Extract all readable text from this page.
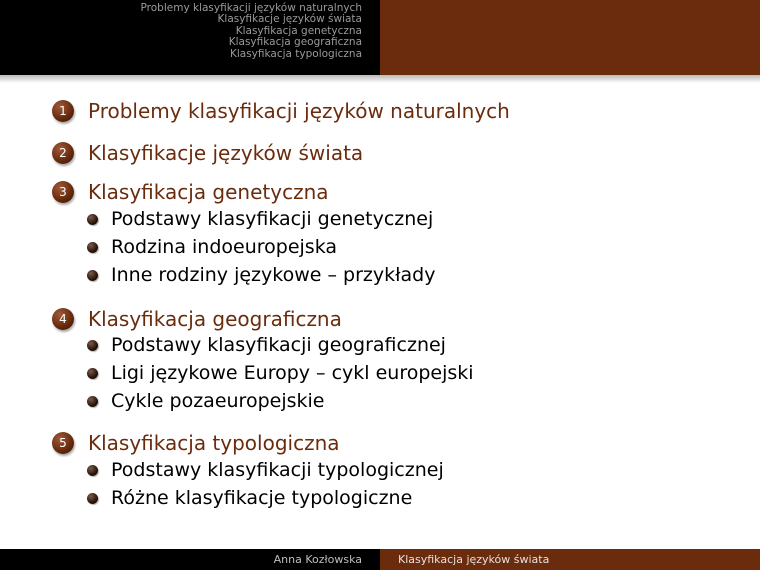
Problemy klasyfikacji języków naturalnych
Klasyfikacje języków świata
Klasyfikacja genetyczna
Klasyfikacja geograficzna
Klasyfikacja typologiczna
1	Problemy klasyfikacji języków naturalnych
2	Klasyfikacje języków świata
3	Klasyfikacja genetyczna
Podstawy klasyfikacji genetycznej
Rodzina indoeuropejska
Inne rodziny językowe – przykłady
4	Klasyfikacja geograficzna
Podstawy klasyfikacji geograficznej
Ligi językowe Europy – cykl europejski
Cykle pozaeuropejskie
5	Klasyfikacja typologiczna
Podstawy klasyfikacji typologicznej
Różne klasyfikacje typologiczne
Anna Kozłowska	Klasyfikacja języków świata
